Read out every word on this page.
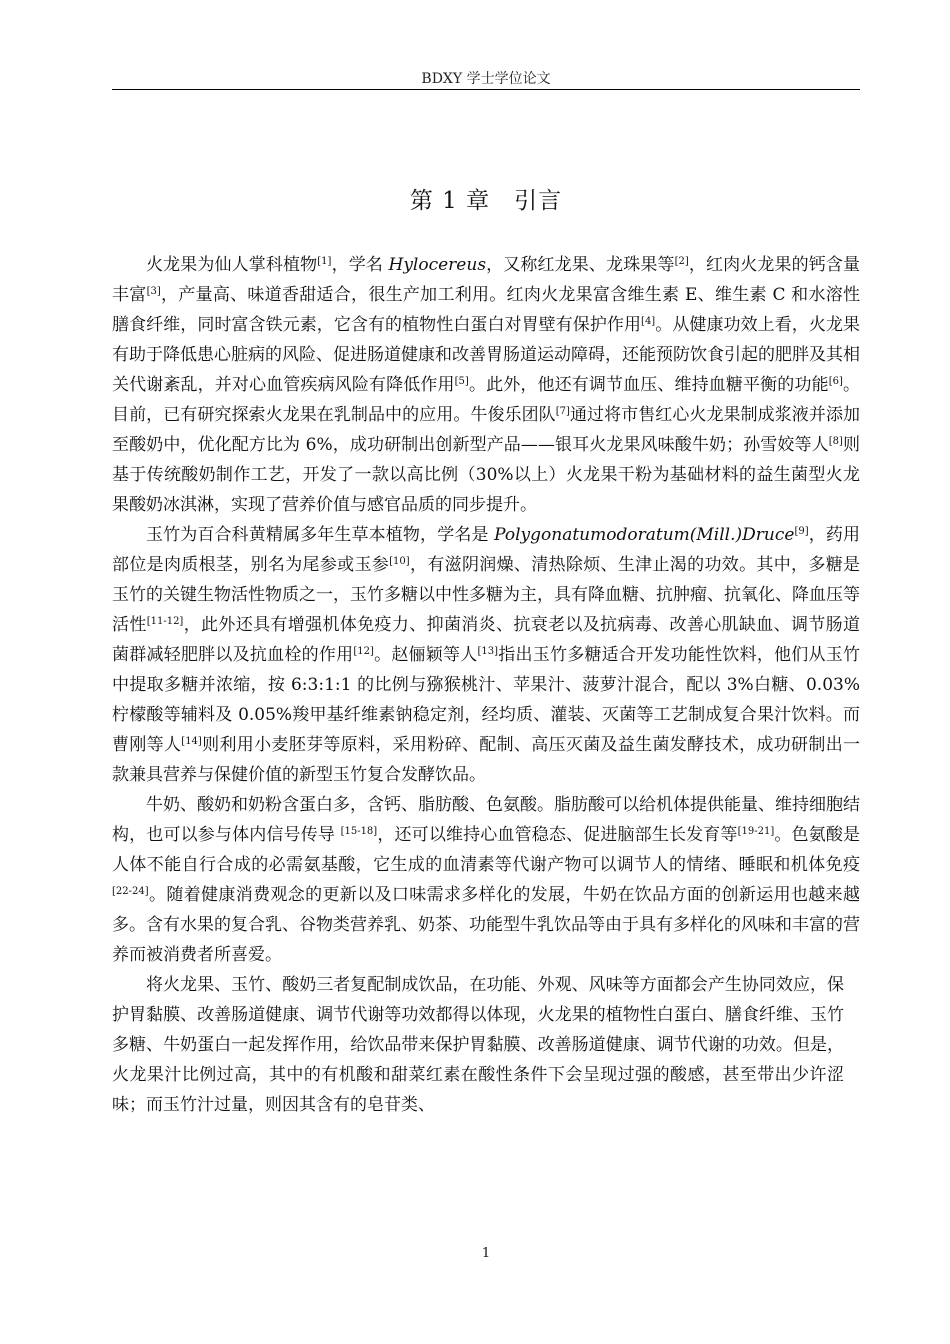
BDXY 学士学位论文
第 1 章 引言

火龙果为仙人掌科植物[1]，学名 Hylocereus，又称红龙果、龙珠果等[2]，红肉火龙果的钙含量丰富[3]，产量高、味道香甜适合，很生产加工利用。红肉火龙果富含维生素 E、维生素 C 和水溶性膳食纤维，同时富含铁元素，它含有的植物性白蛋白对胃壁有保护作用[4]。从健康功效上看，火龙果有助于降低患心脏病的风险、促进肠道健康和改善胃肠道运动障碍，还能预防饮食引起的肥胖及其相关代谢紊乱，并对心血管疾病风险有降低作用[5]。此外，他还有调节血压、维持血糖平衡的功能[6]。目前，已有研究探索火龙果在乳制品中的应用。牛俊乐团队[7]通过将市售红心火龙果制成浆液并添加至酸奶中，优化配方比为 6%，成功研制出创新型产品——银耳火龙果风味酸牛奶；孙雪姣等人[8]则基于传统酸奶制作工艺，开发了一款以高比例（30%以上）火龙果干粉为基础材料的益生菌型火龙果酸奶冰淇淋，实现了营养价值与感官品质的同步提升。

玉竹为百合科黄精属多年生草本植物，学名是 Polygonatumodoratum(Mill.)Druce[9]，药用部位是肉质根茎，别名为尾参或玉参[10]，有滋阴润燥、清热除烦、生津止渴的功效。其中，多糖是玉竹的关键生物活性物质之一，玉竹多糖以中性多糖为主，具有降血糖、抗肿瘤、抗氧化、降血压等活性[11-12]，此外还具有增强机体免疫力、抑菌消炎、抗衰老以及抗病毒、改善心肌缺血、调节肠道菌群减轻肥胖以及抗血栓的作用[12]。赵俪颖等人[13]指出玉竹多糖适合开发功能性饮料，他们从玉竹中提取多糖并浓缩，按 6:3:1:1 的比例与猕猴桃汁、苹果汁、菠萝汁混合，配以 3%白糖、0.03%柠檬酸等辅料及 0.05%羧甲基纤维素钠稳定剂，经均质、灌装、灭菌等工艺制成复合果汁饮料。而曹刚等人[14]则利用小麦胚芽等原料，采用粉碎、配制、高压灭菌及益生菌发酵技术，成功研制出一款兼具营养与保健价值的新型玉竹复合发酵饮品。

牛奶、酸奶和奶粉含蛋白多，含钙、脂肪酸、色氨酸。脂肪酸可以给机体提供能量、维持细胞结构，也可以参与体内信号传导 [15-18]，还可以维持心血管稳态、促进脑部生长发育等[19-21]。色氨酸是人体不能自行合成的必需氨基酸，它生成的血清素等代谢产物可以调节人的情绪、睡眠和机体免疫[22-24]。随着健康消费观念的更新以及口味需求多样化的发展，牛奶在饮品方面的创新运用也越来越多。含有水果的复合乳、谷物类营养乳、奶茶、功能型牛乳饮品等由于具有多样化的风味和丰富的营养而被消费者所喜爱。

将火龙果、玉竹、酸奶三者复配制成饮品，在功能、外观、风味等方面都会产生协同效应，保护胃黏膜、改善肠道健康、调节代谢等功效都得以体现，火龙果的植物性白蛋白、膳食纤维、玉竹多糖、牛奶蛋白一起发挥作用，给饮品带来保护胃黏膜、改善肠道健康、调节代谢的功效。但是，火龙果汁比例过高，其中的有机酸和甜菜红素在酸性条件下会呈现过强的酸感，甚至带出少许涩味；而玉竹汁过量，则因其含有的皂苷类、

1
